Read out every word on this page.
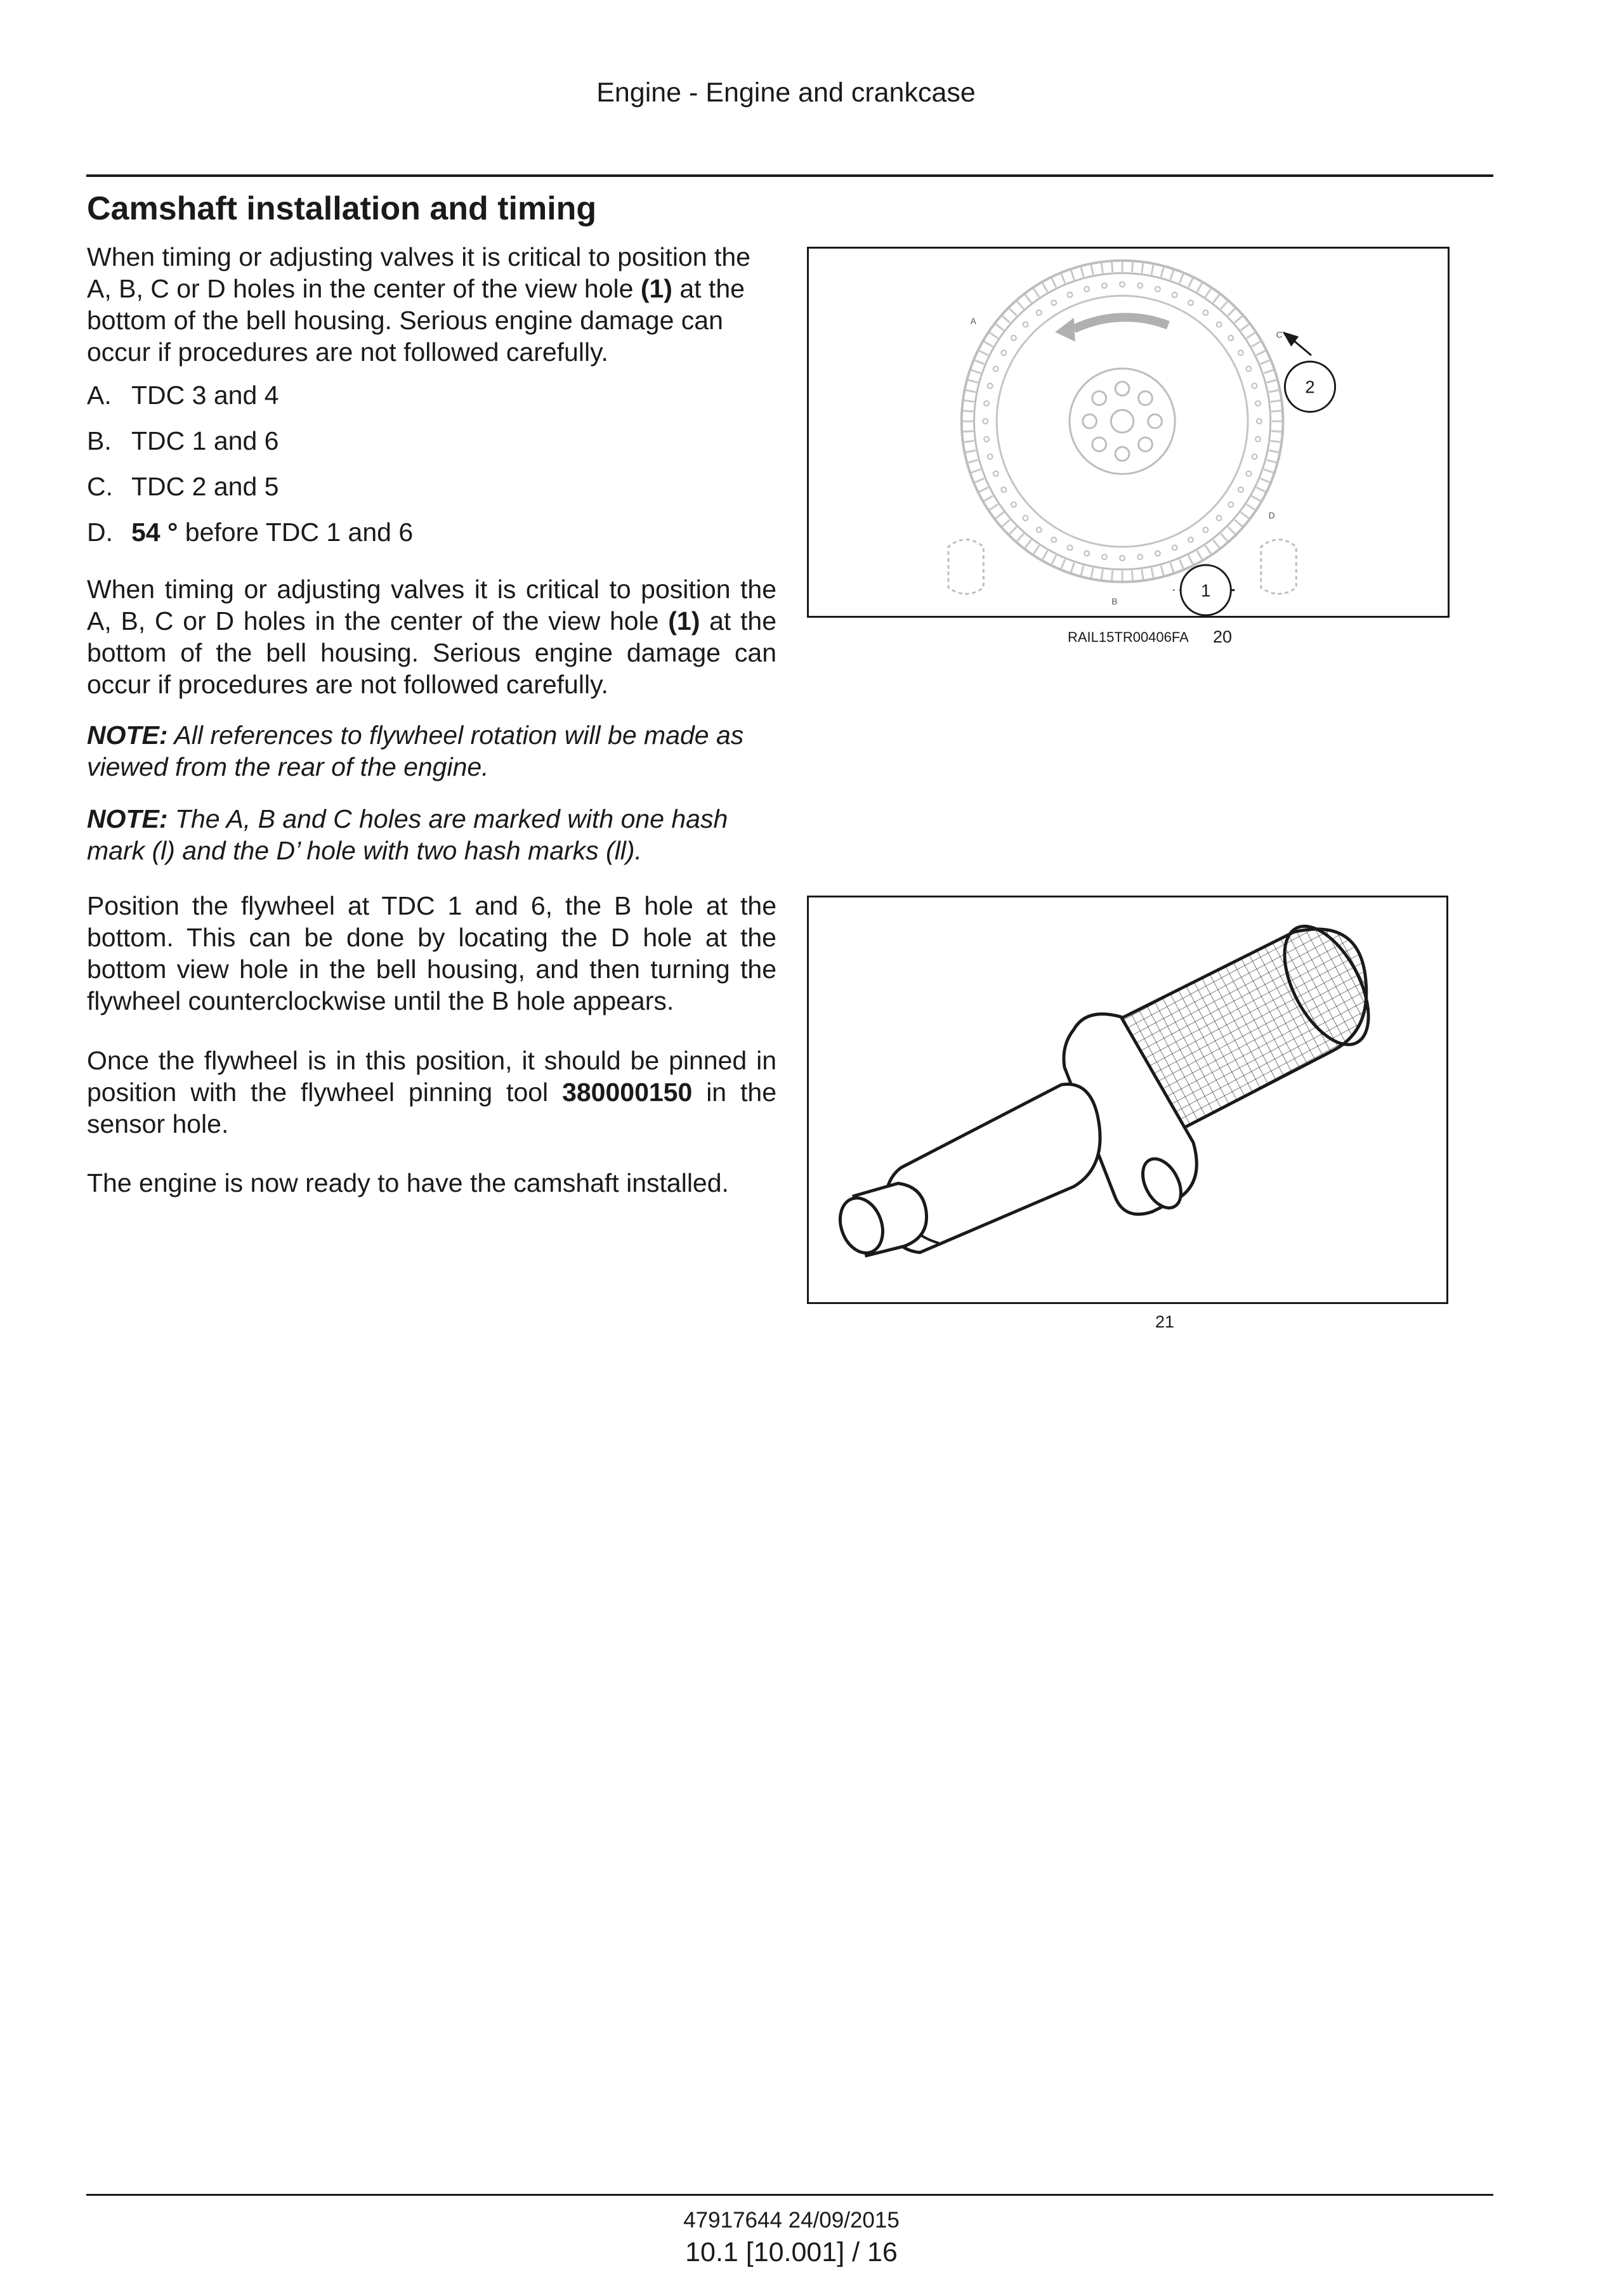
Engine - Engine and crankcase
Camshaft installation and timing

When timing or adjusting valves it is critical to position the A, B, C or D holes in the center of the view hole (1) at the bottom of the bell housing. Serious engine damage can occur if procedures are not followed carefully.

A. TDC 3 and 4
B. TDC 1 and 6
C. TDC 2 and 5
D. 54 ° before TDC 1 and 6

When timing or adjusting valves it is critical to position the A, B, C or D holes in the center of the view hole (1) at the bottom of the bell housing. Serious engine damage can occur if procedures are not followed carefully.

NOTE: All references to flywheel rotation will be made as viewed from the rear of the engine.

NOTE: The A, B and C holes are marked with one hash mark (l) and the D’ hole with two hash marks (ll).

Position the flywheel at TDC 1 and 6, the B hole at the bottom. This can be done by locating the D hole at the bottom view hole in the bell housing, and then turning the flywheel counterclockwise until the B hole appears.

Once the flywheel is in this position, it should be pinned in position with the flywheel pinning tool 380000150 in the sensor hole.

The engine is now ready to have the camshaft installed.

A
B
C
D
1
2
RAIL15TR00406FA 20
21
47917644 24/09/2015
10.1 [10.001] / 16
